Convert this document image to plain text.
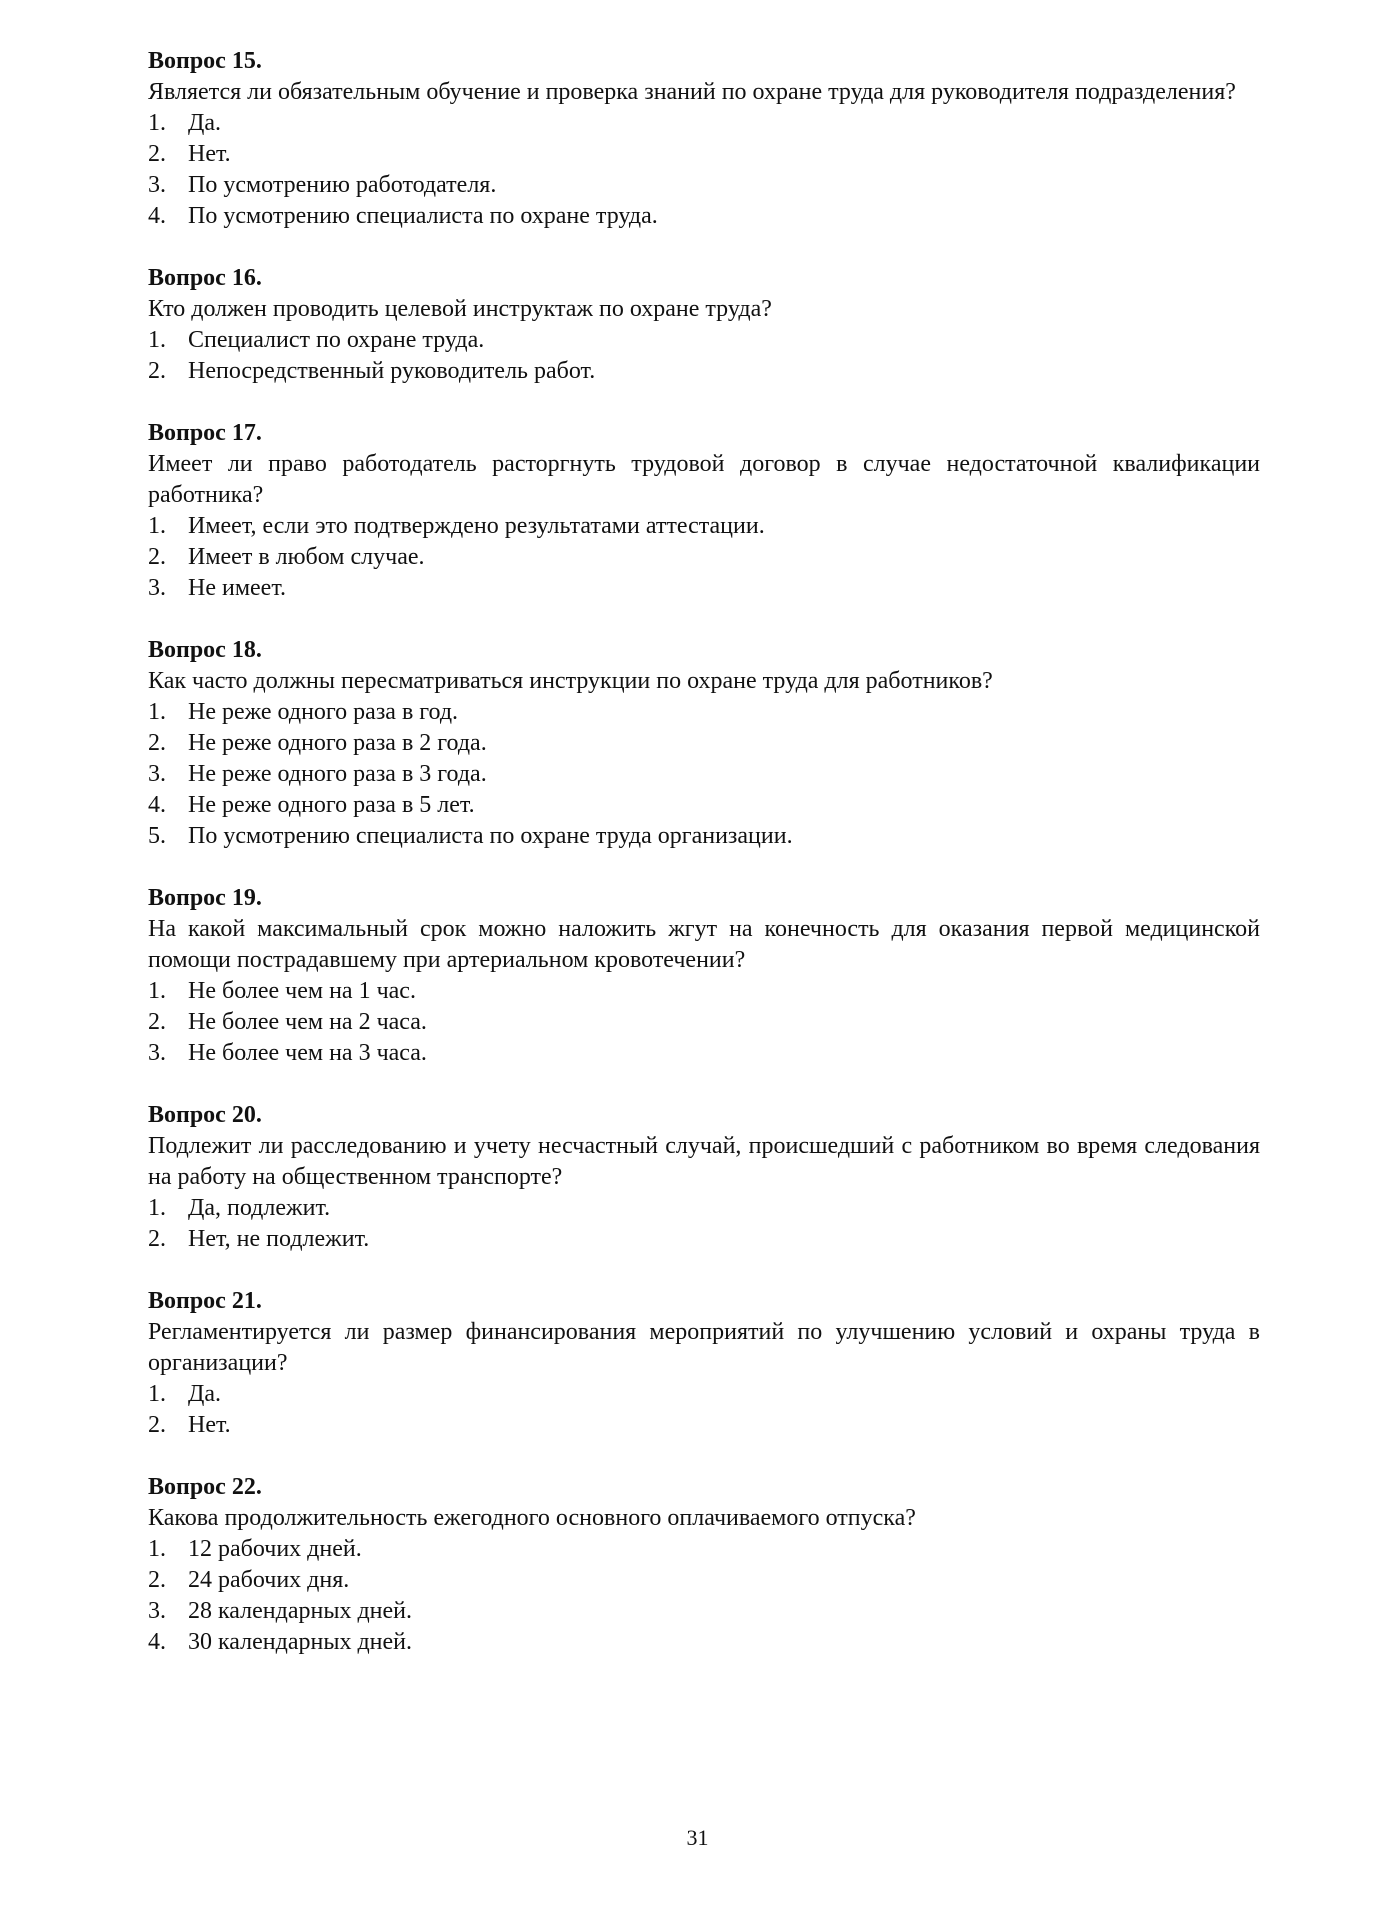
Вопрос 15.

Является ли обязательным обучение и проверка знаний по охране труда для руководителя подразделения?

1. Да.
2. Нет.
3. По усмотрению работодателя.
4. По усмотрению специалиста по охране труда.

Вопрос 16.

Кто должен проводить целевой инструктаж по охране труда?

1. Специалист по охране труда.
2. Непосредственный руководитель работ.

Вопрос 17.

Имеет ли право работодатель расторгнуть трудовой договор в случае недостаточной квалификации работника?

1. Имеет, если это подтверждено результатами аттестации.
2. Имеет в любом случае.
3. Не имеет.

Вопрос 18.

Как часто должны пересматриваться инструкции по охране труда для работников?

1. Не реже одного раза в год.
2. Не реже одного раза в 2 года.
3. Не реже одного раза в 3 года.
4. Не реже одного раза в 5 лет.
5. По усмотрению специалиста по охране труда организации.

Вопрос 19.

На какой максимальный срок можно наложить жгут на конечность для оказания первой медицинской помощи пострадавшему при артериальном кровотечении?

1. Не более чем на 1 час.
2. Не более чем на 2 часа.
3. Не более чем на 3 часа.

Вопрос 20.

Подлежит ли расследованию и учету несчастный случай, происшедший с работником во время следования на работу на общественном транспорте?

1. Да, подлежит.
2. Нет, не подлежит.

Вопрос 21.

Регламентируется ли размер финансирования мероприятий по улучшению условий и охраны труда в организации?

1. Да.
2. Нет.

Вопрос 22.

Какова продолжительность ежегодного основного оплачиваемого отпуска?

1. 12 рабочих дней.
2. 24 рабочих дня.
3. 28 календарных дней.
4. 30 календарных дней.
31
